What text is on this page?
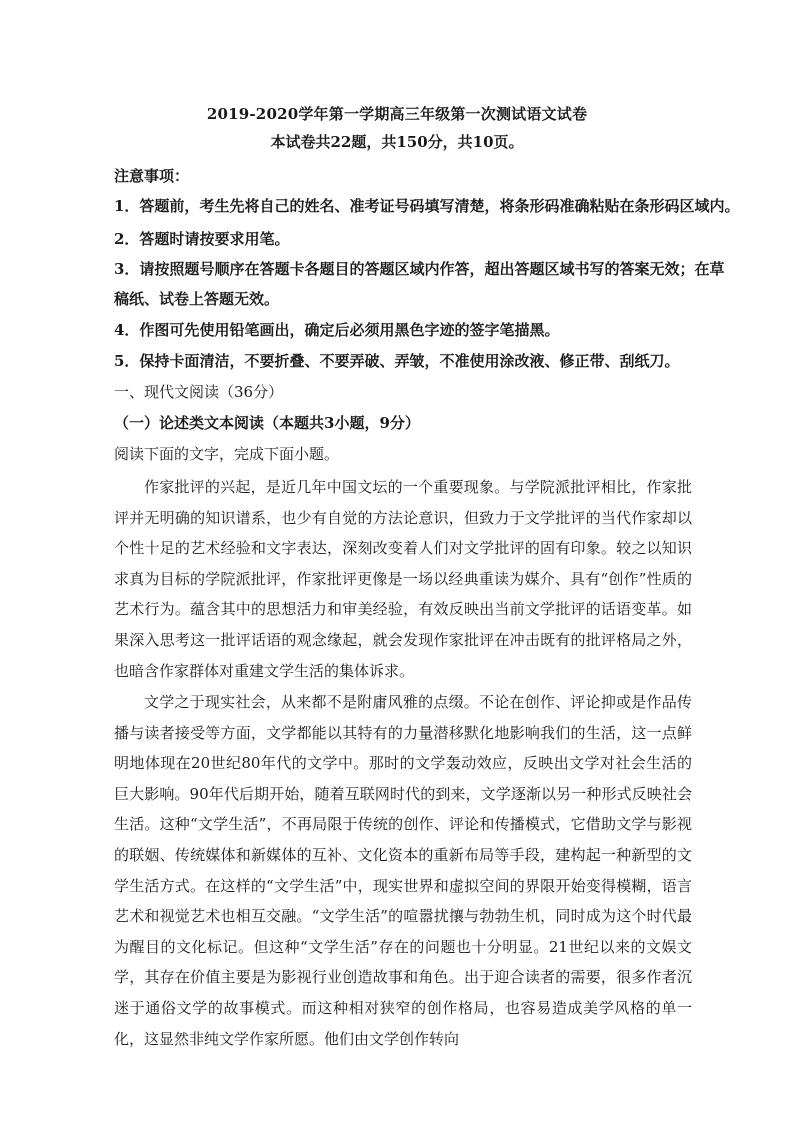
2019-2020学年第一学期高三年级第一次测试语文试卷
本试卷共22题，共150分，共10页。
注意事项：
1．答题前，考生先将自己的姓名、准考证号码填写清楚，将条形码准确粘贴在条形码区域内。
2．答题时请按要求用笔。
3．请按照题号顺序在答题卡各题目的答题区域内作答，超出答题区域书写的答案无效；在草
稿纸、试卷上答题无效。
4．作图可先使用铅笔画出，确定后必须用黑色字迹的签字笔描黑。
5．保持卡面清洁，不要折叠、不要弄破、弄皱，不准使用涂改液、修正带、刮纸刀。
一、现代文阅读（36分）
（一）论述类文本阅读（本题共3小题，9分）
阅读下面的文字，完成下面小题。

作家批评的兴起，是近几年中国文坛的一个重要现象。与学院派批评相比，作家批评并无明确的知识谱系，也少有自觉的方法论意识，但致力于文学批评的当代作家却以个性十足的艺术经验和文字表达，深刻改变着人们对文学批评的固有印象。较之以知识求真为目标的学院派批评，作家批评更像是一场以经典重读为媒介、具有“创作”性质的艺术行为。蕴含其中的思想活力和审美经验，有效反映出当前文学批评的话语变革。如果深入思考这一批评话语的观念缘起，就会发现作家批评在冲击既有的批评格局之外，也暗含作家群体对重建文学生活的集体诉求。

文学之于现实社会，从来都不是附庸风雅的点缀。不论在创作、评论抑或是作品传播与读者接受等方面，文学都能以其特有的力量潜移默化地影响我们的生活，这一点鲜明地体现在20世纪80年代的文学中。那时的文学轰动效应，反映出文学对社会生活的巨大影响。90年代后期开始，随着互联网时代的到来，文学逐渐以另一种形式反映社会生活。这种“文学生活”，不再局限于传统的创作、评论和传播模式，它借助文学与影视的联姻、传统媒体和新媒体的互补、文化资本的重新布局等手段，建构起一种新型的文学生活方式。在这样的“文学生活”中，现实世界和虚拟空间的界限开始变得模糊，语言艺术和视觉艺术也相互交融。“文学生活”的喧嚣扰攘与勃勃生机，同时成为这个时代最为醒目的文化标记。但这种“文学生活”存在的问题也十分明显。21世纪以来的文娱文学，其存在价值主要是为影视行业创造故事和角色。出于迎合读者的需要，很多作者沉迷于通俗文学的故事模式。而这种相对狭窄的创作格局，也容易造成美学风格的单一化，这显然非纯文学作家所愿。他们由文学创作转向
